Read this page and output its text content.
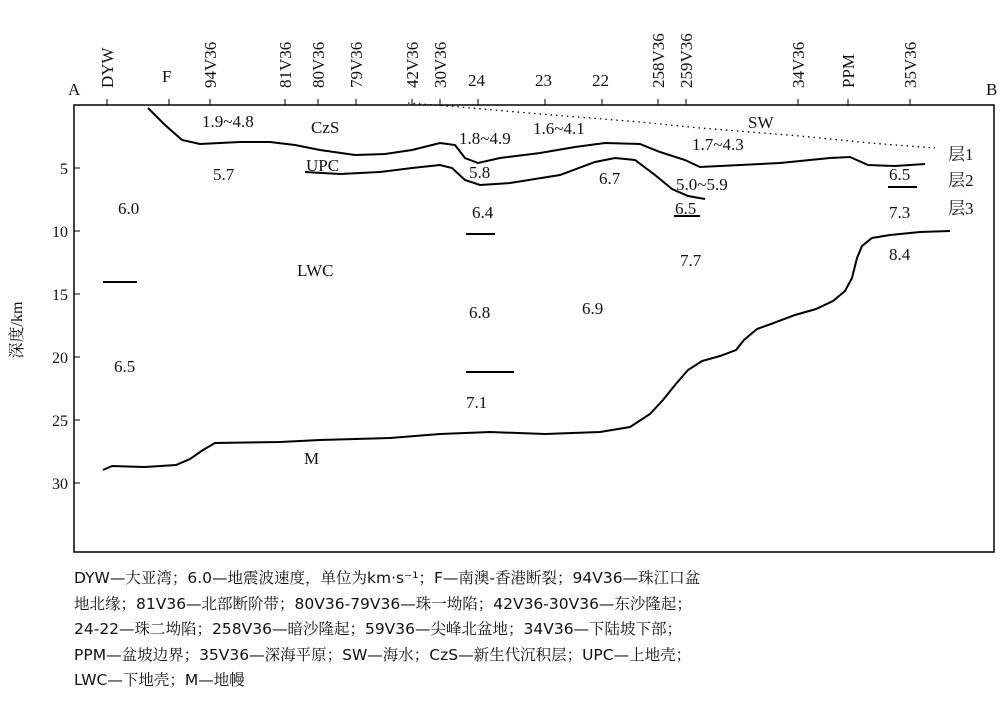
A	B
深度/km
5
10
15
20
25
30
DYW	F 94V36	81V36 80V36 79V36 42V36 30V36 24	23 22 258V36 259V36	34V36 PPM	35V36
SW
CzS
UPC
LWC
M
层1
层2
层3
1.9~4.8
5.7
6.0
6.5
1.8~4.9
1.6~4.1
5.8
6.4
6.8
7.1
6.7
6.9
1.7~4.3
5.0~5.9
6.5
7.7
6.5
7.3
8.4
DYW—大亚湾；6.0—地震波速度，单位为km·s⁻¹；F—南澳-香港断裂；94V36—珠江口盆
地北缘；81V36—北部断阶带；80V36-79V36—珠一坳陷；42V36-30V36—东沙隆起；
24-22—珠二坳陷；258V36—暗沙隆起；59V36—尖峰北盆地；34V36—下陆坡下部；
PPM—盆坡边界；35V36—深海平原；SW—海水；CzS—新生代沉积层；UPC—上地壳；
LWC—下地壳；M—地幔
